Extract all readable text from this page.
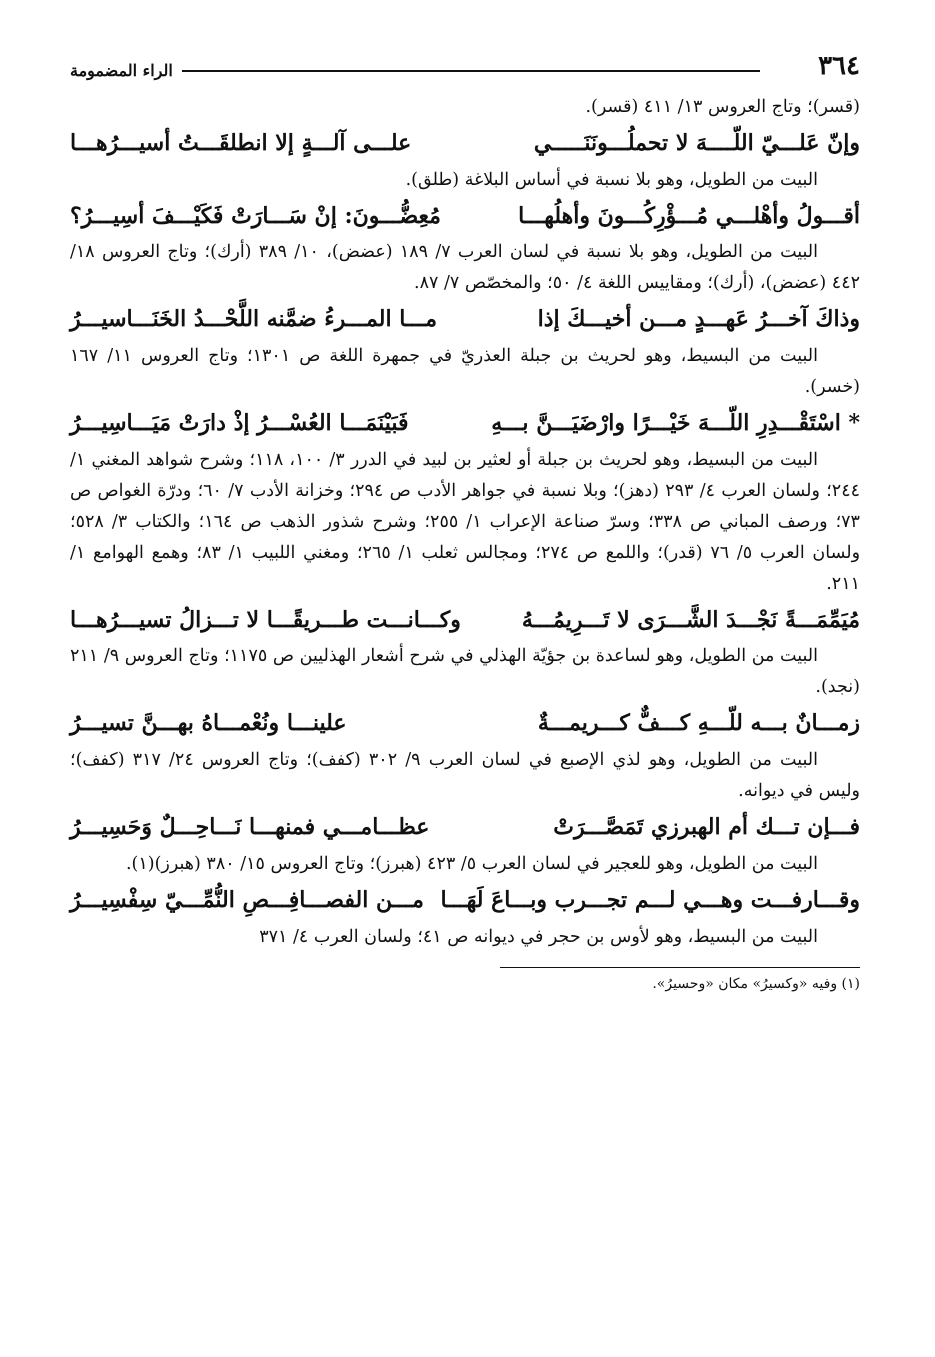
٣٦٤
الراء المضمومة

(قسر)؛ وتاج العروس ١٣/ ٤١١ (قسر).

وإنّ عَلـــيّ اللّــــهَ لا تحملُـــونَنَـــــي
علـــى آلـــةٍ إلا انطلقَـــتُ أسيـــرُهـــا

البيت من الطويل، وهو بلا نسبة في أساس البلاغة (طلق).

أقـــولُ وأهْلـــي مُـــؤْرِكُـــونَ وأهلُهـــا
مُعِضُّـــونَ: إنْ سَـــارَتْ فَكَيْـــفَ أسِيـــرُ؟

البيت من الطويل، وهو بلا نسبة في لسان العرب ٧/ ١٨٩ (عضض)، ١٠/ ٣٨٩ (أرك)؛ وتاج العروس ١٨/ ٤٤٢ (عضض)، (أرك)؛ ومقاييس اللغة ٤/ ٥٠؛ والمخصّص ٧/ ٨٧.

وذاكَ آخـــرُ عَهـــدٍ مـــن أخيـــكَ إذا
مـــا المـــرءُ ضمَّنه اللَّحْـــدُ الخَنَـــاسيـــرُ

البيت من البسيط، وهو لحريث بن جبلة العذريّ في جمهرة اللغة ص ١٣٠١؛ وتاج العروس ١١/ ١٦٧ (خسر).

* اسْتَقْـــدِرِ اللّـــهَ خَيْـــرًا وارْضَيَـــنَّ بـــهِ
فَبَيْنَمَـــا العُسْـــرُ إذْ دارَتْ مَيَـــاسِيـــرُ

البيت من البسيط، وهو لحريث بن جبلة أو لعثير بن لبيد في الدرر ٣/ ١٠٠، ١١٨؛ وشرح شواهد المغني ١/ ٢٤٤؛ ولسان العرب ٤/ ٢٩٣ (دهز)؛ وبلا نسبة في جواهر الأدب ص ٢٩٤؛ وخزانة الأدب ٧/ ٦٠؛ ودرّة الغواص ص ٧٣؛ ورصف المباني ص ٣٣٨؛ وسرّ صناعة الإعراب ١/ ٢٥٥؛ وشرح شذور الذهب ص ١٦٤؛ والكتاب ٣/ ٥٢٨؛ ولسان العرب ٥/ ٧٦ (قدر)؛ واللمع ص ٢٧٤؛ ومجالس ثعلب ١/ ٢٦٥؛ ومغني اللبيب ١/ ٨٣؛ وهمع الهوامع ١/ ٢١١.

مُيَمِّمَـــةً نَجْـــدَ الشَّـــرَى لا تَـــرِيمُـــهُ
وكـــانـــت طـــريقًـــا لا تـــزالُ تسيـــرُهـــا

البيت من الطويل، وهو لساعدة بن جؤيّة الهذلي في شرح أشعار الهذليين ص ١١٧٥؛ وتاج العروس ٩/ ٢١١ (نجد).

زمـــانٌ بـــه للّـــهِ كـــفٌّ كـــريمـــةٌ
علينـــا ونُعْمـــاهُ بهـــنَّ تسيـــرُ

البيت من الطويل، وهو لذي الإصبع في لسان العرب ٩/ ٣٠٢ (كفف)؛ وتاج العروس ٢٤/ ٣١٧ (كفف)؛ وليس في ديوانه.

فـــإن تـــك أم الهبرزي تَمَصَّـــرَتْ
عظـــامـــي فمنهـــا نَـــاحِـــلٌ وَحَسِيـــرُ

البيت من الطويل، وهو للعجير في لسان العرب ٥/ ٤٢٣ (هبرز)؛ وتاج العروس ١٥/ ٣٨٠ (هبرز)(١).

وقـــارفـــت وهـــي لـــم تجـــرب وبـــاعَ لَهَـــا
مـــن الفصـــافِـــصِ النُّمِّـــيّ سِفْسِيـــرُ

البيت من البسيط، وهو لأوس بن حجر في ديوانه ص ٤١؛ ولسان العرب ٤/ ٣٧١

(١) وفيه «وكسيرُ» مكان «وحسيرُ».
